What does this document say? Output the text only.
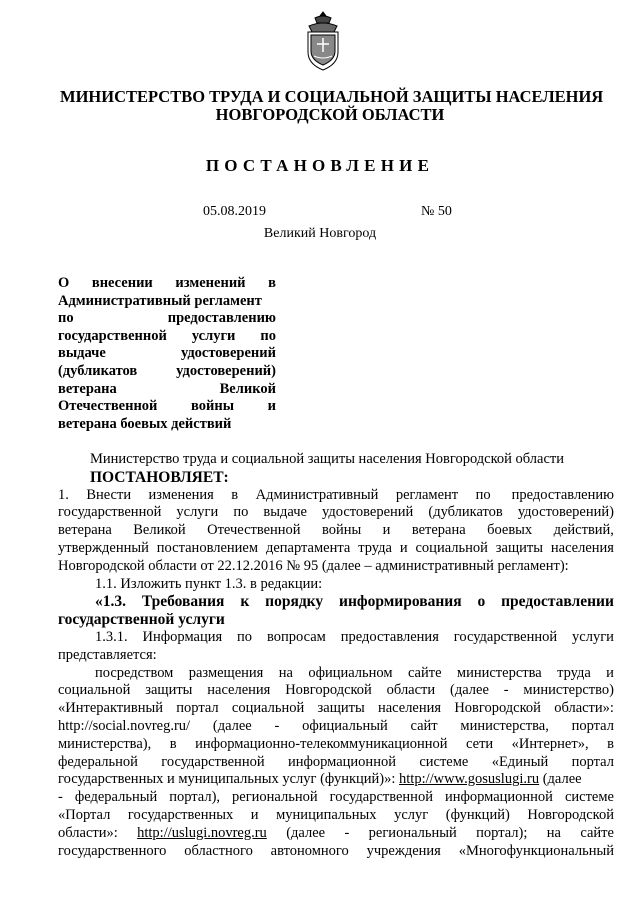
МИНИСТЕРСТВО ТРУДА И СОЦИАЛЬНОЙ ЗАЩИТЫ НАСЕЛЕНИЯ
НОВГОРОДСКОЙ ОБЛАСТИ
ПОСТАНОВЛЕНИЕ
05.08.2019	№ 50
Великий Новгород
О внесении изменений в
Административный регламент
по	предоставлению
государственной услуги по
выдаче	удостоверений
(дубликатов	удостоверений)
ветерана	Великой
Отечественной войны и
ветерана боевых действий
Министерство труда и социальной защиты населения Новгородской области
ПОСТАНОВЛЯЕТ:
1. Внести изменения в Административный регламент по предоставлению
государственной услуги по выдаче удостоверений (дубликатов удостоверений)
ветерана Великой Отечественной войны и ветерана боевых действий,
утвержденный постановлением департамента труда и социальной защиты населения
Новгородской области от 22.12.2016 № 95 (далее – административный регламент):
1.1. Изложить пункт 1.3. в редакции:
«1.3. Требования к порядку информирования о предоставлении
государственной услуги
1.3.1. Информация по вопросам предоставления государственной услуги
представляется:
посредством размещения на официальном сайте министерства труда и
социальной защиты населения Новгородской области (далее - министерство)
«Интерактивный портал социальной защиты населения Новгородской области»:
http://social.novreg.ru/ (далее - официальный сайт министерства, портал
министерства), в информационно-телекоммуникационной сети «Интернет», в
федеральной государственной информационной системе «Единый портал
государственных и муниципальных услуг (функций)»: http://www.gosuslugi.ru (далее
- федеральный портал), региональной государственной информационной системе
«Портал государственных и муниципальных услуг (функций) Новгородской
области»: http://uslugi.novreg.ru (далее - региональный портал); на сайте
государственного областного автономного учреждения «Многофункциональный
